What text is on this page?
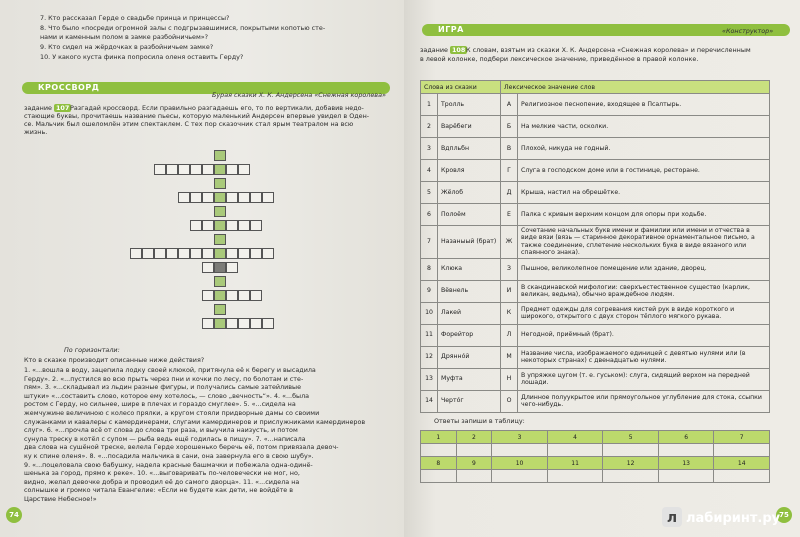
7. Кто рассказал Герде о свадьбе принца и принцессы?
8. Что было «посреди огромной залы с подгрызавшимися, покрытыми копотью сте-
нами и каменным полом в замке разбойничьем»?
9. Кто сидел на жёрдочках в разбойничьем замке?
10. У какого куста финка попросила оленя оставить Герду?
КРОССВОРД
Бурая сказки Х. К. Андерсена «Снежная королева»
задание 107 Разгадай кроссворд. Если правильно разгадаешь его, то по вертикали, добавив недо-
стающие буквы, прочитаешь название пьесы, которую маленький Андерсен впервые увидел в Оден-
се. Мальчик был ошеломлён этим спектаклем. С тех пор сказочник стал ярым театралом на всю
жизнь.
По горизонтали:
Кто в сказке производит описанные ниже действия?
1. «...вошла в воду, зацепила лодку своей клюкой, притянула её к берегу и высадила
Герду». 2. «...пустился во всю прыть через пни и кочки по лесу, по болотам и сте-
пям». 3. «...складывал из льдин разные фигуры, и получались самые затейливые
штуки» «...составить слово, которое ему хотелось, — слово „вечность“». 4. «...была
ростом с Герду, но сильнее, шире в плечах и гораздо смуглее». 5. «...сидела на
жемчужине величиною с колесо прялки, а кругом стояли придворные дамы со своими
служанками и кавалеры с камердинерами, слугами камердинеров и прислужниками камердинеров
слуг». 6. «...прочла всё от слова до слова три раза, и выучила наизусть, и потом
сунула треску в котёл с супом — рыба ведь ещё годилась в пищу». 7. «...написала
два слова на сушёной треске, велела Герде хорошенько беречь её, потом привязала девоч-
ку к спине оленя». 8. «...посадила мальчика в сани, она завернула его в свою шубу».
9. «...поцеловала свою бабушку, надела красные башмачки и побежала одна-одинё-
шенька за город, прямо к реке». 10. «...выговаривать по-человечески не мог, но,
видно, желал девочке добра и проводил её до самого дворца». 11. «...сидела на
солнышке и громко читала Евангелие: «Если не будете как дети, не войдёте в
Царствие Небесное!»
74
ИГРА	«Конструктор»
задание 108 К словам, взятым из сказки Х. К. Андерсена «Снежная королева» и перечисленным
в левой колонке, подбери лексическое значение, приведённое в правой колонке.
Ответы запиши в таблицу:
75
Слова из сказки		Лексическое значение слов	
1	Тролль	А	Религиозное песнопение, входящее в Псалтырь.
2	Варёбеги	Б	На мелкие части, осколки.
3	Вдпльбн	В	Плохой, никуда не годный.
4	Кровля	Г	Слуга в господском доме или в гостинице, ресторане.
5	Жёлоб	Д	Крыша, настил на обрешётке.
6	Полоём	Е	Палка с кривым верхним концом для опоры при ходьбе.
7	Назаныый (брат)	Ж	Сочетание начальных букв имени и фамилии или имени и отчества в виде вязи (вязь — старинное декоративное орнаментальное письмо, а также соединение, сплетение нескольких букв в виде вязаного или спаянного знака).
8	Клюка	З	Пышное, великолепное помещение или здание, дворец.
9	Вёвнель	И	В скандинавской мифологии: сверхъестественное существо (карлик, великан, ведьма), обычно враждебное людям.
10	Лакей	К	Предмет одежды для согревания кистей рук в виде короткого и широкого, открытого с двух сторон тёплого мягкого рукава.
11	Форейтор	Л	Негодной, приёмный (брат).
12	Дряннóй	М	Название числа, изображаемого единицей с девятью нулями или (в некоторых странах) с двенадцатью нулями.
13	Муфта	Н	В упряжке цугом (т. е. гуськом): слуга, сидящий верхом на передней лошади.
14	Чертóг	О	Длинное полуукрытое или прямоугольное углубление для стока, ссыпки чего-нибудь.
1	2	3	4	5	6	7

8	9	10	11	12	13	14

л лабиринт.ру
